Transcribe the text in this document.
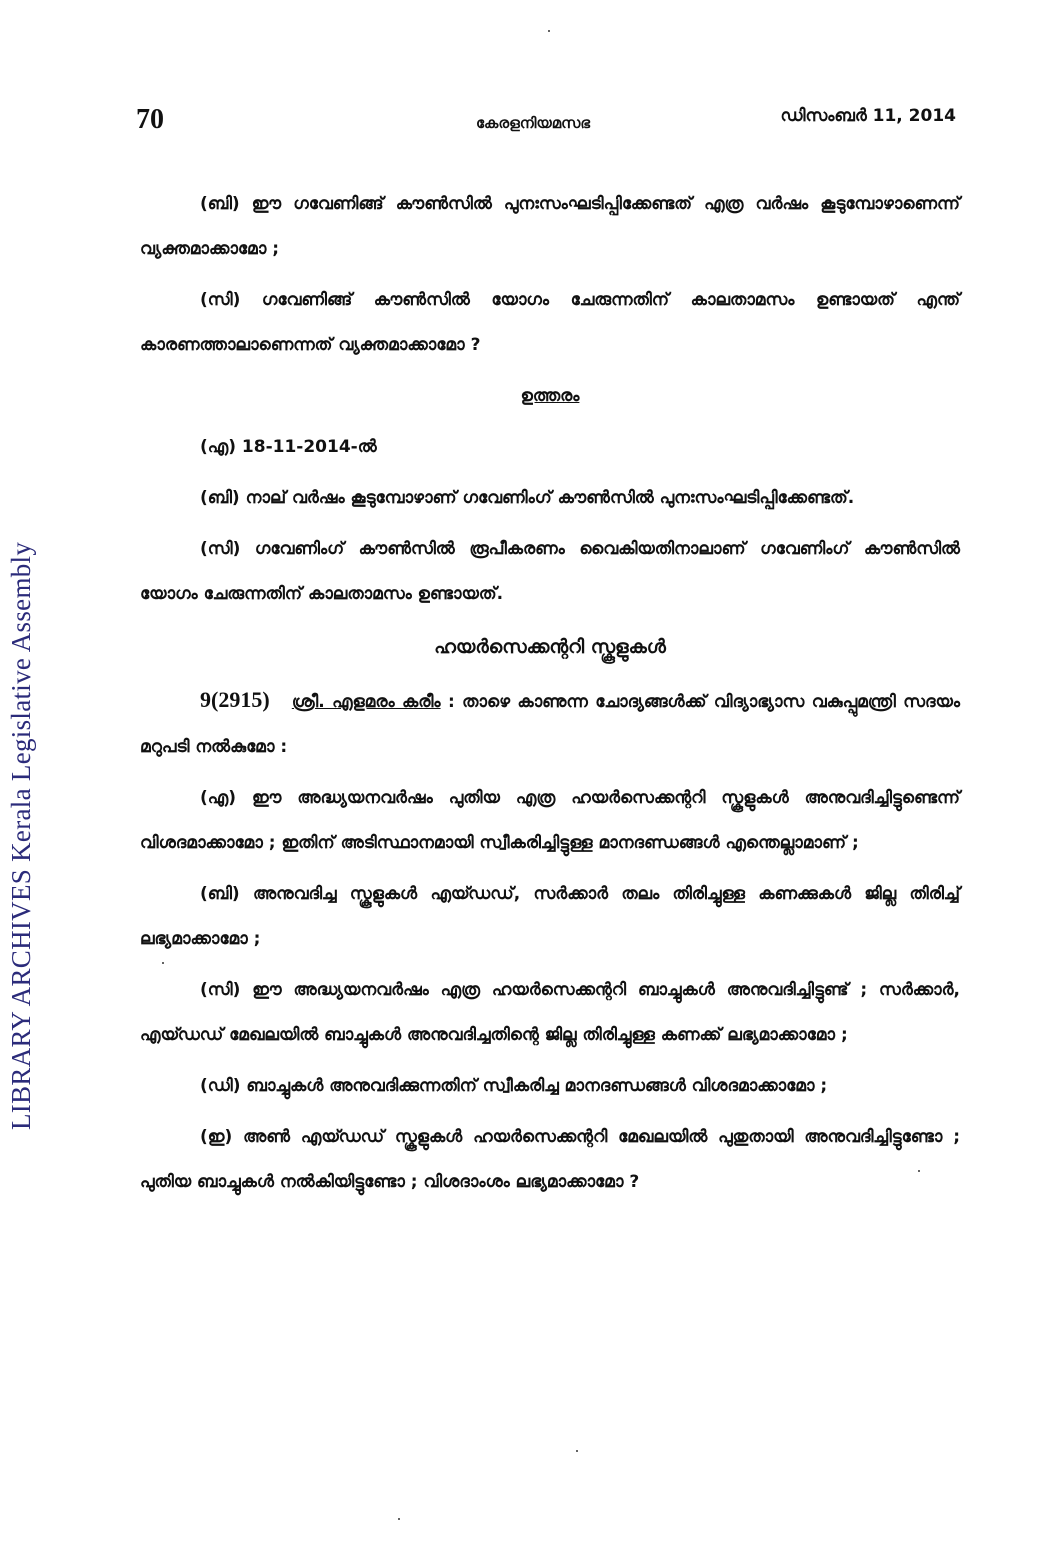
LIBRARY ARCHIVES Kerala Legislative Assembly
70	കേരളനിയമസഭ	ഡിസംബർ 11, 2014

(ബി) ഈ ഗവേണിങ്ങ് കൗൺസിൽ പുനഃസംഘടിപ്പിക്കേണ്ടത് എത്ര വർഷം കൂടുമ്പോഴാണെന്ന് വ്യക്തമാക്കാമോ ;

(സി) ഗവേണിങ്ങ് കൗൺസിൽ യോഗം ചേരുന്നതിന് കാലതാമസം ഉണ്ടായത് എന്ത് കാരണത്താലാണെന്നത് വ്യക്തമാക്കാമോ ?

ഉത്തരം

(എ) 18-11-2014-ൽ

(ബി) നാല് വർഷം കൂടുമ്പോഴാണ് ഗവേണിംഗ് കൗൺസിൽ പുനഃസംഘടിപ്പിക്കേണ്ടത്.

(സി) ഗവേണിംഗ് കൗൺസിൽ രൂപീകരണം വൈകിയതിനാലാണ് ഗവേണിംഗ് കൗൺസിൽ യോഗം ചേരുന്നതിന് കാലതാമസം ഉണ്ടായത്.

ഹയർസെക്കന്ററി സ്കൂളുകൾ

9(2915) ശ്രീ. എളമരം കരീം : താഴെ കാണുന്ന ചോദ്യങ്ങൾക്ക് വിദ്യാഭ്യാസ വകുപ്പുമന്ത്രി സദയം മറുപടി നൽകുമോ :

(എ) ഈ അദ്ധ്യയനവർഷം പുതിയ എത്ര ഹയർസെക്കന്ററി സ്കൂളുകൾ അനുവദിച്ചിട്ടുണ്ടെന്ന് വിശദമാക്കാമോ ; ഇതിന് അടിസ്ഥാനമായി സ്വീകരിച്ചിട്ടുള്ള മാനദണ്ഡങ്ങൾ എന്തെല്ലാമാണ് ;

(ബി) അനുവദിച്ച സ്കൂളുകൾ എയ്ഡഡ്, സർക്കാർ തലം തിരിച്ചുള്ള കണക്കുകൾ ജില്ല തിരിച്ച് ലഭ്യമാക്കാമോ ;

(സി) ഈ അദ്ധ്യയനവർഷം എത്ര ഹയർസെക്കന്ററി ബാച്ചുകൾ അനുവദിച്ചിട്ടുണ്ട് ; സർക്കാർ, എയ്ഡഡ് മേഖലയിൽ ബാച്ചുകൾ അനുവദിച്ചതിന്റെ ജില്ല തിരിച്ചുള്ള കണക്ക് ലഭ്യമാക്കാമോ ;

(ഡി) ബാച്ചുകൾ അനുവദിക്കുന്നതിന് സ്വീകരിച്ച മാനദണ്ഡങ്ങൾ വിശദമാക്കാമോ ;

(ഇ) അൺ എയ്ഡഡ് സ്കൂളുകൾ ഹയർസെക്കന്ററി മേഖലയിൽ പുതുതായി അനുവദിച്ചിട്ടുണ്ടോ ; പുതിയ ബാച്ചുകൾ നൽകിയിട്ടുണ്ടോ ; വിശദാംശം ലഭ്യമാക്കാമോ ?
